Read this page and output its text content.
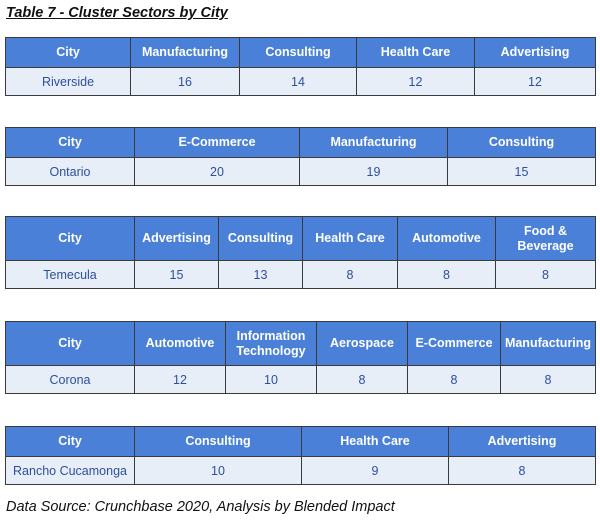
Table 7 - Cluster Sectors by City
City	Manufacturing	Consulting	Health Care	Advertising
Riverside	16	14	12	12
City	E-Commerce	Manufacturing	Consulting
Ontario	20	19	15
City	Advertising	Consulting	Health Care	Automotive	Food & Beverage
Temecula	15	13	8	8	8
City	Automotive	Information Technology	Aerospace	E-Commerce	Manufacturing
Corona	12	10	8	8	8
City	Consulting	Health Care	Advertising
Rancho Cucamonga	10	9	8
Data Source: Crunchbase 2020, Analysis by Blended Impact
